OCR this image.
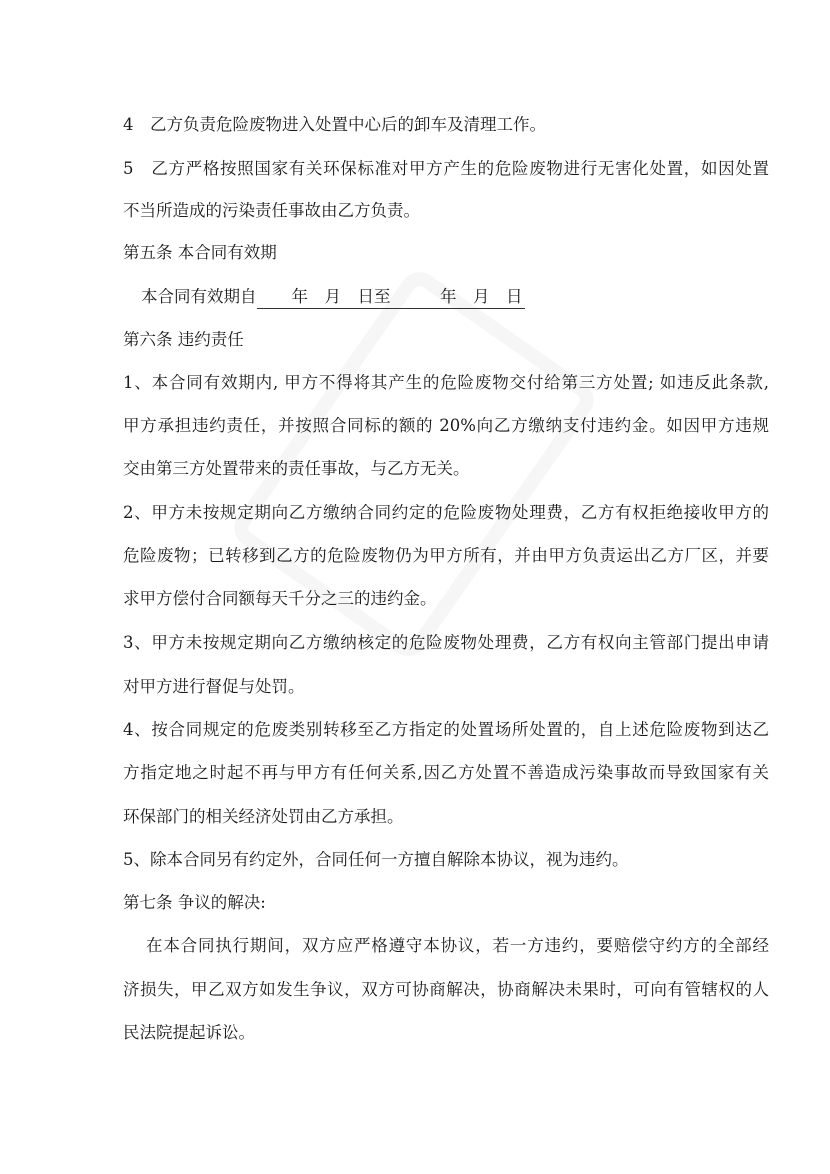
4　乙方负责危险废物进入处置中心后的卸车及清理工作。
5　乙方严格按照国家有关环保标准对甲方产生的危险废物进行无害化处置，如因处置
不当所造成的污染责任事故由乙方负责。
第五条 本合同有效期
本合同有效期自　　年　月　日至　　　年　月　日
第六条 违约责任
1、本合同有效期内, 甲方不得将其产生的危险废物交付给第三方处置; 如违反此条款,
甲方承担违约责任，并按照合同标的额的 20%向乙方缴纳支付违约金。如因甲方违规
交由第三方处置带来的责任事故，与乙方无关。
2、甲方未按规定期向乙方缴纳合同约定的危险废物处理费，乙方有权拒绝接收甲方的
危险废物；已转移到乙方的危险废物仍为甲方所有，并由甲方负责运出乙方厂区，并要
求甲方偿付合同额每天千分之三的违约金。
3、甲方未按规定期向乙方缴纳核定的危险废物处理费，乙方有权向主管部门提出申请
对甲方进行督促与处罚。
4、按合同规定的危废类别转移至乙方指定的处置场所处置的，自上述危险废物到达乙
方指定地之时起不再与甲方有任何关系,因乙方处置不善造成污染事故而导致国家有关
环保部门的相关经济处罚由乙方承担。
5、除本合同另有约定外，合同任何一方擅自解除本协议，视为违约。
第七条 争议的解决:
在本合同执行期间，双方应严格遵守本协议，若一方违约，要赔偿守约方的全部经
济损失，甲乙双方如发生争议，双方可协商解决，协商解决未果时，可向有管辖权的人
民法院提起诉讼。
